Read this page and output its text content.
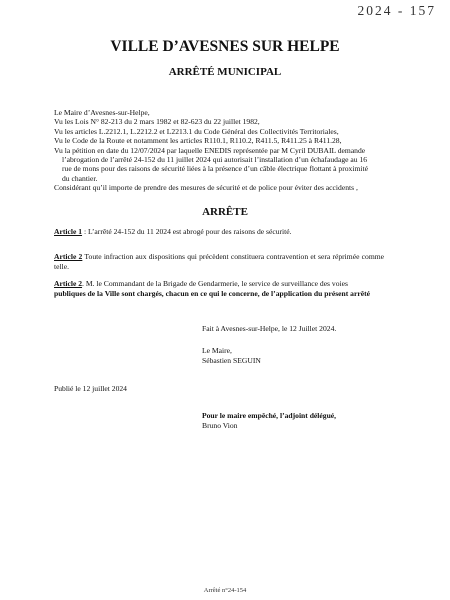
2024 - 157
VILLE D’AVESNES SUR HELPE
ARRÊTÉ MUNICIPAL
Le Maire d’Avesnes-sur-Helpe,
Vu les Lois N° 82-213 du 2 mars 1982 et 82-623 du 22 juillet 1982,
Vu les articles L.2212.1, L.2212.2 et L2213.1 du Code Général des Collectivités Territoriales,
Vu le Code de la Route et notamment les articles R110.1, R110.2, R411.5, R411.25 à R411.28,
Vu la pétition en date du 12/07/2024 par laquelle ENEDIS représentée par M Cyril DUBAIL demande
l’abrogation de l’arrêté 24-152 du 11 juillet 2024 qui autorisait l’installation d’un échafaudage au 16
rue de mons pour des raisons de sécurité liées à la présence d’un câble électrique flottant à proximité
du chantier.
Considérant qu’il importe de prendre des mesures de sécurité et de police pour éviter des accidents ,
ARRÊTE
Article 1 : L’arrêté 24-152 du 11 2024 est abrogé pour des raisons de sécurité.
Article 2 Toute infraction aux dispositions qui précèdent constituera contravention et sera réprimée comme telle.
Article 2. M. le Commandant de la Brigade de Gendarmerie, le service de surveillance des voies
publiques de la Ville sont chargés, chacun en ce qui le concerne, de l’application du présent arrêté
Fait à Avesnes-sur-Helpe, le 12 Juillet 2024.
Le Maire,
Sébastien SEGUIN
Publié le 12 juillet 2024
Pour le maire empêché, l’adjoint délégué,
Bruno Vion
Arrêté n°24-154
